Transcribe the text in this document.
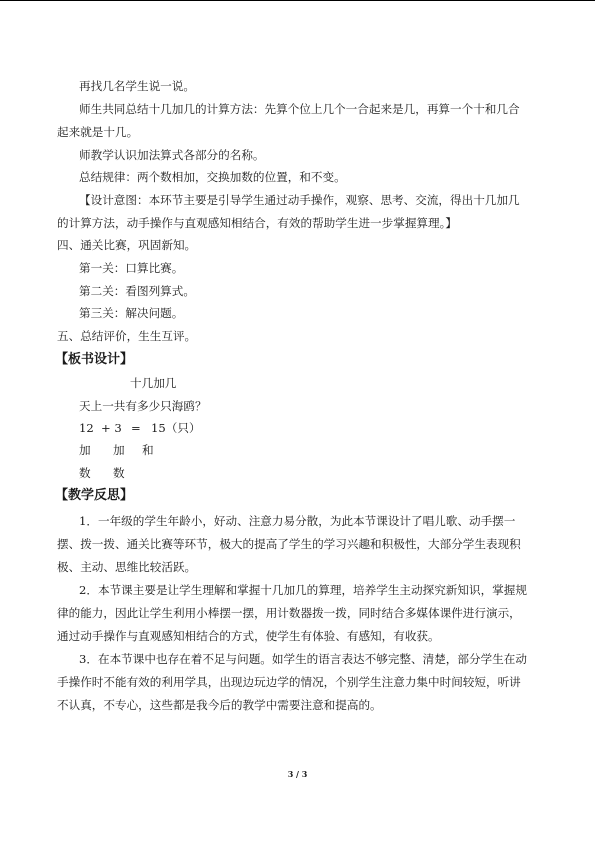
再找几名学生说一说。
师生共同总结十几加几的计算方法：先算个位上几个一合起来是几，再算一个十和几合
起来就是十几。
师教学认识加法算式各部分的名称。
总结规律：两个数相加，交换加数的位置，和不变。
【设计意图：本环节主要是引导学生通过动手操作，观察、思考、交流，得出十几加几
的计算方法，动手操作与直观感知相结合，有效的帮助学生进一步掌握算理。】
四、通关比赛，巩固新知。
第一关：口算比赛。
第二关：看图列算式。
第三关：解决问题。
五、总结评价，生生互评。
【板书设计】
十几加几
天上一共有多少只海鸥？
12 + 3 = 15（只）
加 加 和
数 数
【教学反思】
1．一年级的学生年龄小，好动、注意力易分散，为此本节课设计了唱儿歌、动手摆一
摆、拨一拨、通关比赛等环节，极大的提高了学生的学习兴趣和积极性，大部分学生表现积
极、主动、思维比较活跃。
2．本节课主要是让学生理解和掌握十几加几的算理，培养学生主动探究新知识，掌握规
律的能力，因此让学生利用小棒摆一摆，用计数器拨一拨，同时结合多媒体课件进行演示，
通过动手操作与直观感知相结合的方式，使学生有体验、有感知，有收获。
3．在本节课中也存在着不足与问题。如学生的语言表达不够完整、清楚，部分学生在动
手操作时不能有效的利用学具，出现边玩边学的情况，个别学生注意力集中时间较短，听讲
不认真，不专心，这些都是我今后的教学中需要注意和提高的。
3 / 3
